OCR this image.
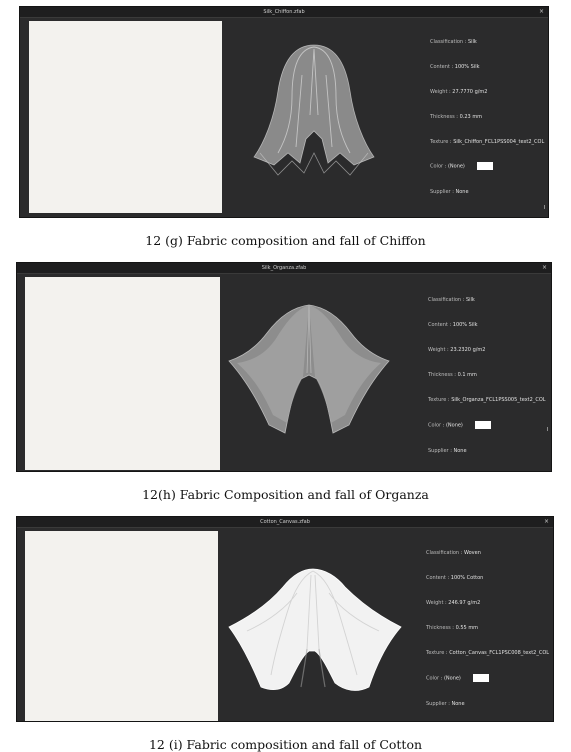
Silk_Chiffon.zfab	×
Classification : Silk
Content : 100% Silk
Weight : 27.7770 g/m2
Thickness : 0.23 mm
Texture : Silk_Chiffon_FCL1PSS004_text2_COL
Color : (None)
Supplier : None
12 (g) Fabric composition and fall of Chiffon
Silk_Organza.zfab	×
Classification : Silk
Content : 100% Silk
Weight : 23.2320 g/m2
Thickness : 0.1 mm
Texture : Silk_Organza_FCL1PSS005_text2_COL
Color : (None)
Supplier : None
12(h) Fabric Composition and fall of Organza
Cotton_Canvas.zfab	×
Classification : Woven
Content : 100% Cotton
Weight : 246.97 g/m2
Thickness : 0.55 mm
Texture : Cotton_Canvas_FCL1PSC008_text2_COL
Color : (None)
Supplier : None
12 (i) Fabric composition and fall of Cotton
